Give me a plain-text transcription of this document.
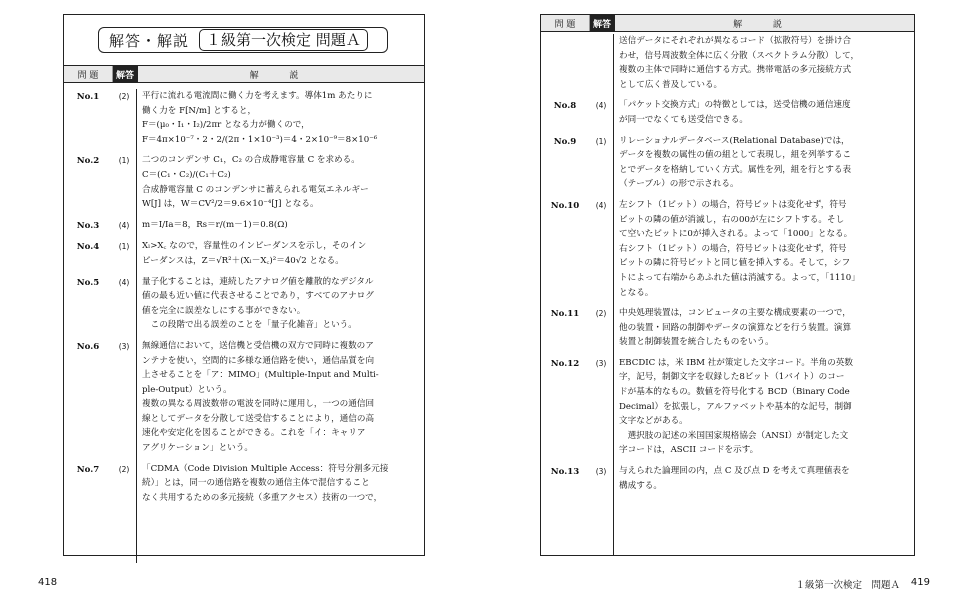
解答・解説	１級第一次検定 問題Ａ
問 題	解答	解 説
No.1	(2)	平行に流れる電流間に働く力を考えます。導体1m あたりに

働く力を F[N/m] とすると，

F＝(μ₀・I₁・I₂)/2πr となる力が働くので，

F＝4π×10⁻⁷・2・2/(2π・1×10⁻³)＝4・2×10⁻⁹＝8×10⁻⁶

No.2	(1)	二つのコンデンサ C₁，C₂ の合成静電容量 C を求める。

C＝(C₁・C₂)/(C₁＋C₂)

合成静電容量 C のコンデンサに蓄えられる電気エネルギー

W[J] は，W＝CV²/2＝9.6×10⁻⁴[J] となる。

No.3	(4)	m＝I/Ia＝8，Rs＝r/(m－1)＝0.8(Ω)

No.4	(1)	Xₗ>X꜀ なので，容量性のインピーダンスを示し，そのイン

ピーダンスは，Z＝√R²＋(Xₗ－X꜀)²＝40√2 となる。

No.5	(4)	量子化することは，連続したアナログ値を離散的なデジタル

値の最も近い値に代表させることであり，すべてのアナログ

値を完全に誤差なしにする事ができない。

　この段階で出る誤差のことを「量子化雑音」という。

No.6	(3)	無線通信において，送信機と受信機の双方で同時に複数のア

ンテナを使い，空間的に多様な通信路を使い，通信品質を向

上させることを「ア：MIMO」(Multiple-Input and Multi-

ple-Output）という。

複数の異なる周波数帯の電波を同時に運用し，一つの通信回

線としてデータを分散して送受信することにより，通信の高

速化や安定化を図ることができる。これを「イ：キャリア

アグリケーション」という。

No.7	(2)	「CDMA（Code Division Multiple Access：符号分割多元接

続）」とは，同一の通信路を複数の通信主体で混信すること

なく共用するための多元接続（多重アクセス）技術の一つで，

418
問 題	解答	解 説

送信データにそれぞれが異なるコード（拡散符号）を掛け合

わせ，信号周波数全体に広く分散（スペクトラム分散）して，

複数の主体で同時に通信する方式。携帯電話の多元接続方式

として広く普及している。

No.8	(4)	「パケット交換方式」の特徴としては，送受信機の通信速度

が同一でなくても送受信できる。

No.9	(1)	リレーショナルデータベース(Relational Database)では，

データを複数の属性の値の組として表現し，組を列挙するこ

とでデータを格納していく方式。属性を列，組を行とする表

（テーブル）の形で示される。

No.10	(4)	左シフト（1ビット）の場合，符号ビットは変化せず，符号

ビットの隣の値が消滅し，右の00が左にシフトする。そし

て空いたビットに0が挿入される。よって「1000」となる。

右シフト（1ビット）の場合，符号ビットは変化せず，符号

ビットの隣に符号ビットと同じ値を挿入する。そして，シフ

トによって右端からあふれた値は消滅する。よって，「1110」

となる。

No.11	(2)	中央処理装置は，コンピュータの主要な構成要素の一つで，

他の装置・回路の制御やデータの演算などを行う装置。演算

装置と制御装置を統合したものをいう。

No.12	(3)	EBCDIC は，米 IBM 社が策定した文字コード。半角の英数

字，記号，制御文字を収録した8ビット（1バイト）のコー

ドが基本的なもの。数値を符号化する BCD（Binary Code

Decimal）を拡張し，アルファベットや基本的な記号，制御

文字などがある。

　選択肢の記述の米国国家規格協会（ANSI）が制定した文

字コードは，ASCII コードを示す。

No.13	(3)	与えられた論理回の内，点 C 及び点 D を考えて真理値表を

構成する。

１級第一次検定　問題Ａ 419
